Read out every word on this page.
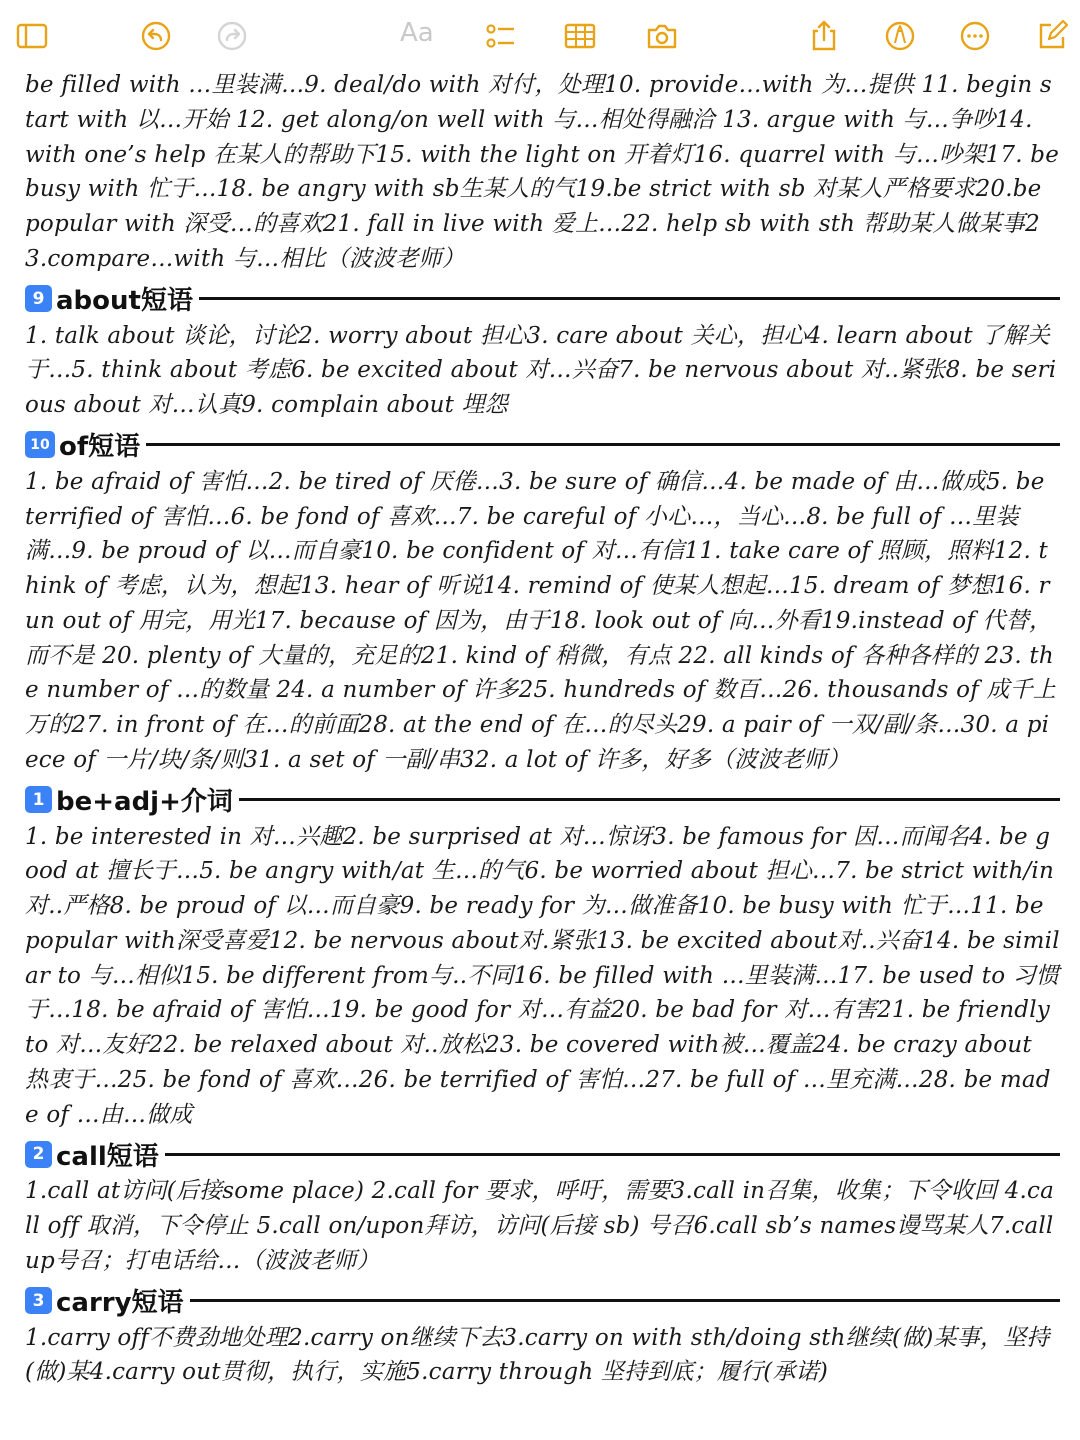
Aa

be filled with …里装满…9. deal/do with 对付，处理10. provide…with 为…提供 11. begin start with 以…开始 12. get along/on well with 与…相处得融洽 13. argue with 与…争吵14. with one’s help 在某人的帮助下15. with the light on 开着灯16. quarrel with 与…吵架17. be busy with 忙于…18. be angry with sb生某人的气19.be strict with sb 对某人严格要求20.be popular with 深受…的喜欢21. fall in live with 爱上…22. help sb with sth 帮助某人做某事23.compare…with 与…相比（波波老师）

9 about短语

1. talk about 谈论，讨论2. worry about 担心3. care about 关心，担心4. learn about 了解关于…5. think about 考虑6. be excited about 对…兴奋7. be nervous about 对..紧张8. be serious about 对…认真9. complain about 埋怨

10 of短语

1. be afraid of 害怕…2. be tired of 厌倦…3. be sure of 确信…4. be made of 由…做成5. be terrified of 害怕…6. be fond of 喜欢…7. be careful of 小心…，当心…8. be full of …里装满…9. be proud of 以…而自豪10. be confident of 对…有信11. take care of 照顾，照料12. think of 考虑，认为，想起13. hear of 听说14. remind of 使某人想起…15. dream of 梦想16. run out of 用完，用光17. because of 因为，由于18. look out of 向…外看19.instead of 代替，而不是 20. plenty of 大量的，充足的21. kind of 稍微，有点 22. all kinds of 各种各样的 23. the number of …的数量 24. a number of 许多25. hundreds of 数百…26. thousands of 成千上万的27. in front of 在…的前面28. at the end of 在…的尽头29. a pair of 一双/副/条…30. a piece of 一片/块/条/则31. a set of 一副/串32. a lot of 许多，好多（波波老师）

1 be+adj+介词

1. be interested in 对…兴趣2. be surprised at 对…惊讶3. be famous for 因…而闻名4. be good at 擅长于…5. be angry with/at 生…的气6. be worried about 担心…7. be strict with/in 对..严格8. be proud of 以…而自豪9. be ready for 为…做准备10. be busy with 忙于…11. be popular with深受喜爱12. be nervous about对.紧张13. be excited about对..兴奋14. be similar to 与…相似15. be different from与..不同16. be filled with …里装满…17. be used to 习惯于…18. be afraid of 害怕…19. be good for 对…有益20. be bad for 对…有害21. be friendly to 对…友好22. be relaxed about 对..放松23. be covered with被…覆盖24. be crazy about 热衷于…25. be fond of 喜欢…26. be terrified of 害怕…27. be full of …里充满…28. be made of …由…做成

2 call短语

1.call at访问(后接some place) 2.call for 要求，呼吁，需要3.call in召集，收集；下令收回 4.call off 取消，下令停止 5.call on/upon拜访，访问(后接 sb) 号召6.call sb’s names谩骂某人7.call up号召；打电话给…（波波老师）

3 carry短语

1.carry off不费劲地处理2.carry on继续下去3.carry on with sth/doing sth继续(做)某事，坚持(做)某4.carry out贯彻，执行，实施5.carry through 坚持到底；履行(承诺)
